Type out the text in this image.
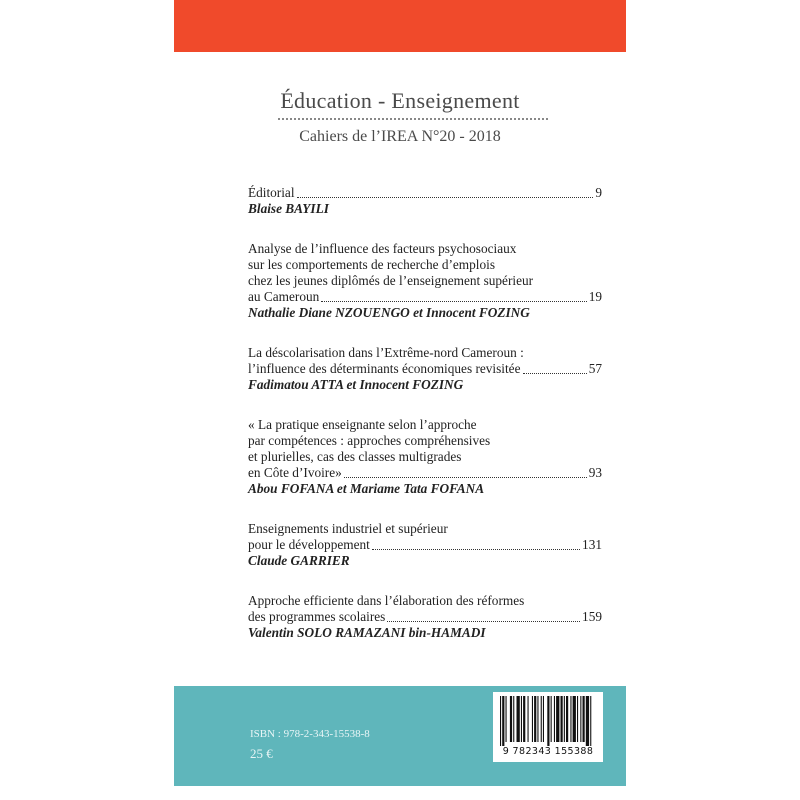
Éducation - Enseignement
Cahiers de l’IREA N°20 - 2018
Éditorial	9
Blaise BAYILI
Analyse de l’influence des facteurs psychosociaux
sur les comportements de recherche d’emplois
chez les jeunes diplômés de l’enseignement supérieur
au Cameroun	19
Nathalie Diane NZOUENGO et Innocent FOZING
La déscolarisation dans l’Extrême-nord Cameroun :
l’influence des déterminants économiques revisitée	57
Fadimatou ATTA et Innocent FOZING
« La pratique enseignante selon l’approche
par compétences : approches compréhensives
et plurielles, cas des classes multigrades
en Côte d’Ivoire»	93
Abou FOFANA et Mariame Tata FOFANA
Enseignements industriel et supérieur
pour le développement	131
Claude GARRIER
Approche efficiente dans l’élaboration des réformes
des programmes scolaires	159
Valentin SOLO RAMAZANI bin-HAMADI
ISBN : 978-2-343-15538-8
25 €	9 782343 155388
